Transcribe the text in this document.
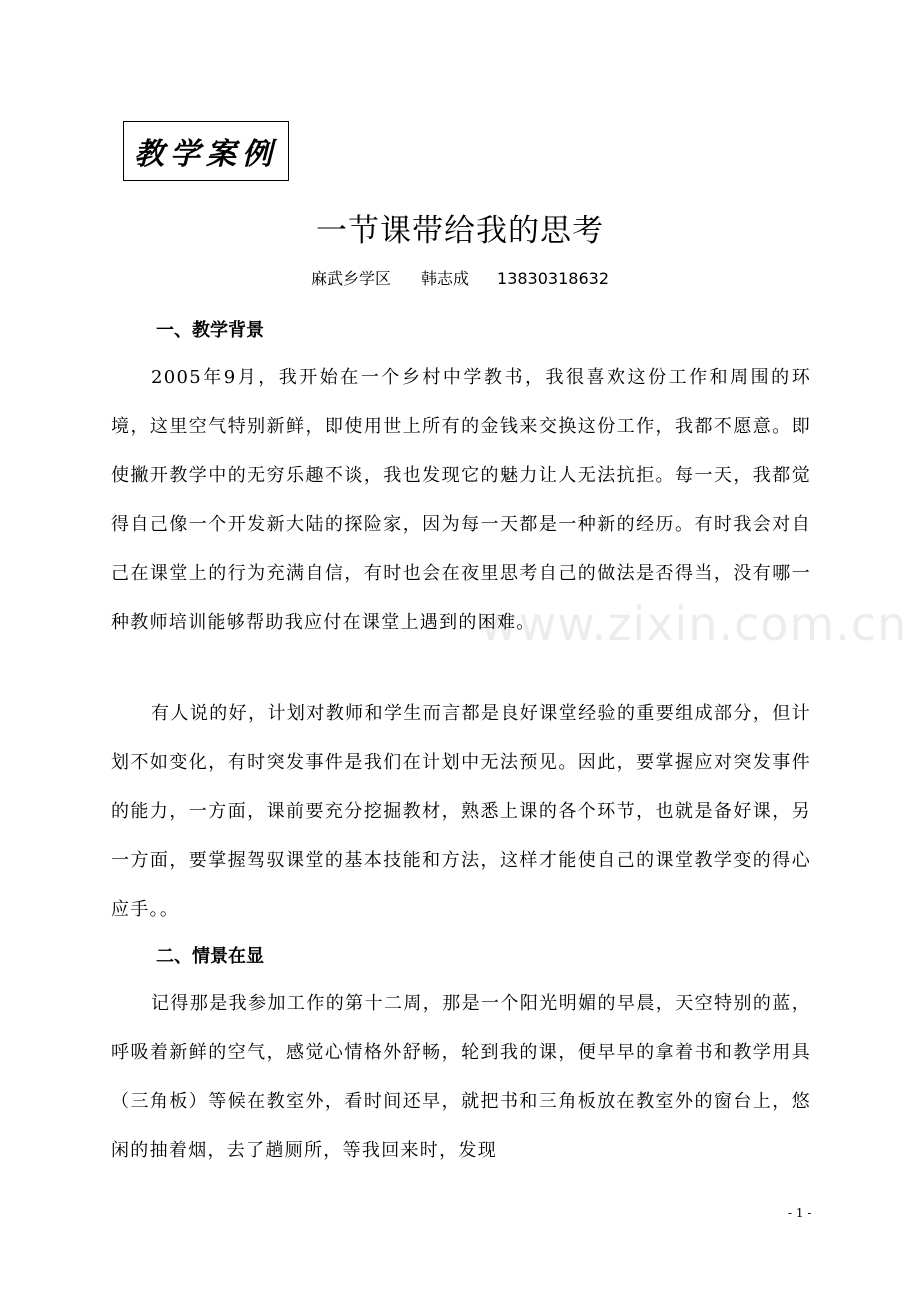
教学案例
一节课带给我的思考
麻武乡学区 韩志成 13830318632
一、教学背景
2005年9月，我开始在一个乡村中学教书，我很喜欢这份工作和周围的环境，这里空气特别新鲜，即使用世上所有的金钱来交换这份工作，我都不愿意。即使撇开教学中的无穷乐趣不谈，我也发现它的魅力让人无法抗拒。每一天，我都觉得自己像一个开发新大陆的探险家，因为每一天都是一种新的经历。有时我会对自己在课堂上的行为充满自信，有时也会在夜里思考自己的做法是否得当，没有哪一种教师培训能够帮助我应付在课堂上遇到的困难。
有人说的好，计划对教师和学生而言都是良好课堂经验的重要组成部分，但计划不如变化，有时突发事件是我们在计划中无法预见。因此，要掌握应对突发事件的能力，一方面，课前要充分挖掘教材，熟悉上课的各个环节，也就是备好课，另一方面，要掌握驾驭课堂的基本技能和方法，这样才能使自己的课堂教学变的得心应手。。
二、情景在显
记得那是我参加工作的第十二周，那是一个阳光明媚的早晨，天空特别的蓝，呼吸着新鲜的空气，感觉心情格外舒畅，轮到我的课，便早早的拿着书和教学用具（三角板）等候在教室外，看时间还早，就把书和三角板放在教室外的窗台上，悠闲的抽着烟，去了趟厕所，等我回来时，发现
www.zixin.com.cn
- 1 -
